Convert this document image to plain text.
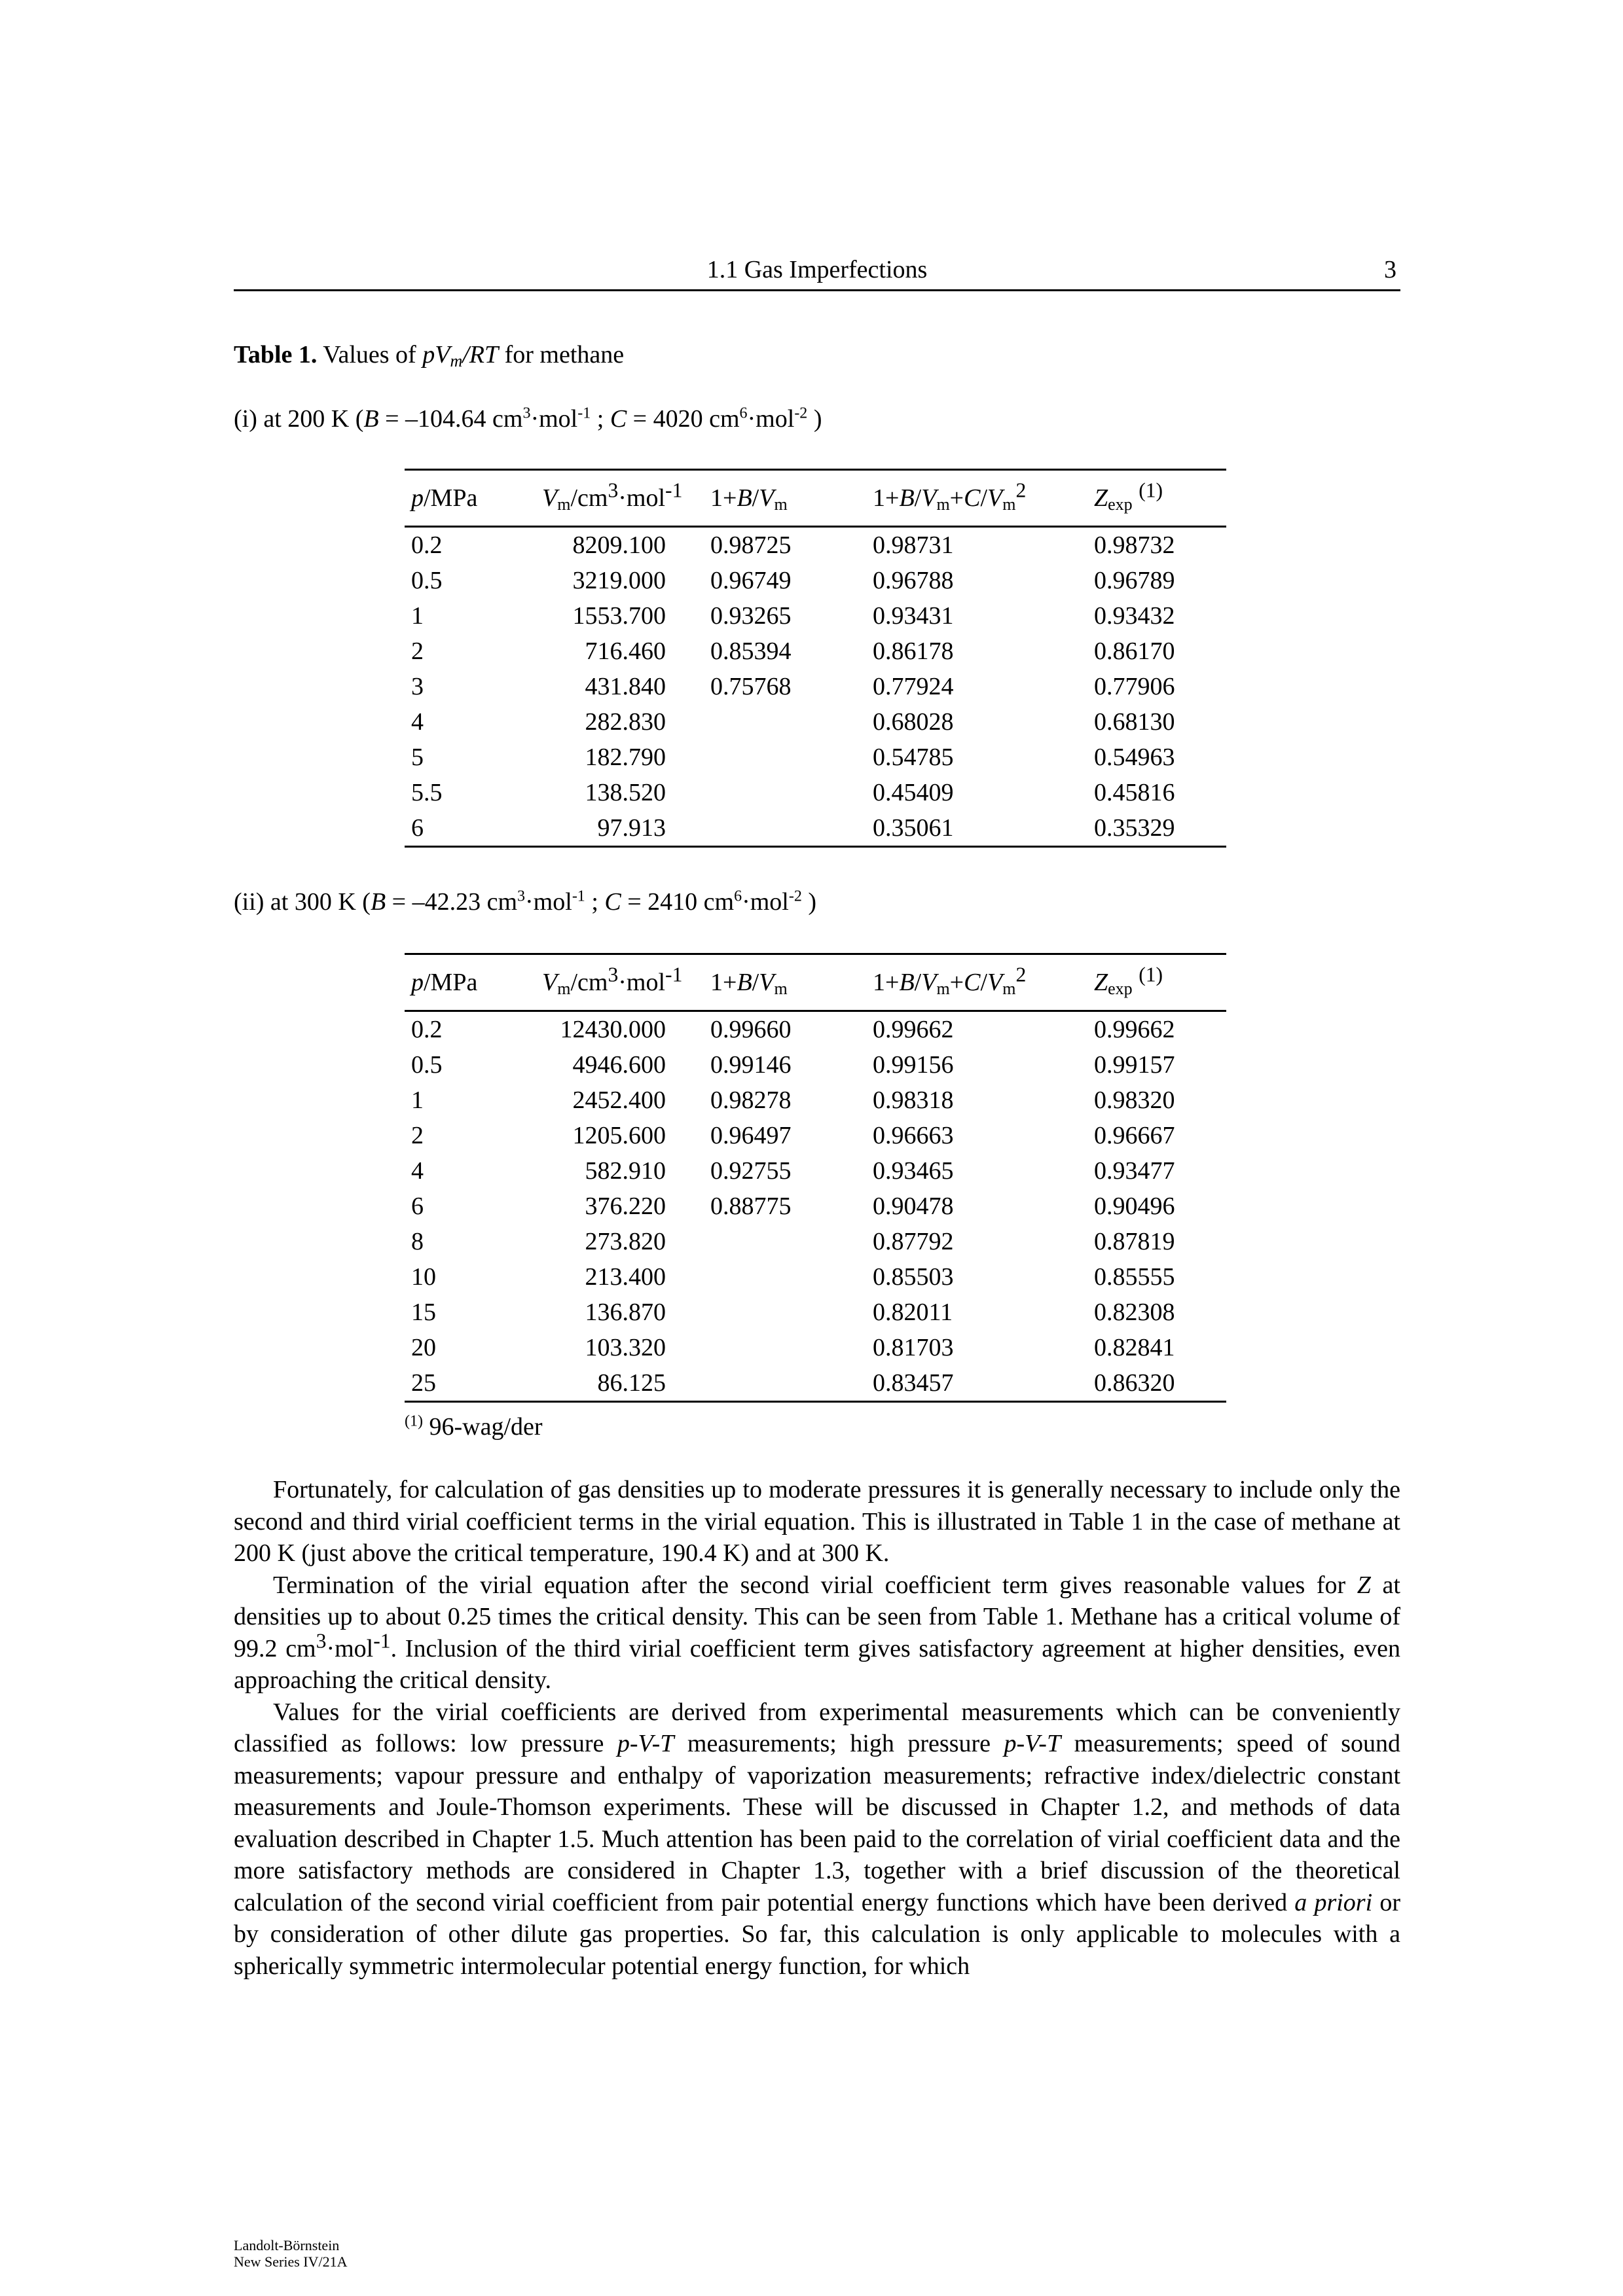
1.1 Gas Imperfections	3
Table 1. Values of $pV_m/RT$ for methane
(i) at 200 K (B = –104.64 $cm^3\cdot mol^{-1}$ ; C = 4020 $cm^6\cdot mol^{-2}$ )
p/MPa	$V_m/cm^3\cdot mol^{-1}$	$1+B/V_m$	$1+B/V_m+C/V_m^2$	$Z_{exp}$ $^{(1)}$
0.2	8209.100	0.98725	0.98731	0.98732
0.5	3219.000	0.96749	0.96788	0.96789
1	1553.700	0.93265	0.93431	0.93432
2	716.460	0.85394	0.86178	0.86170
3	431.840	0.75768	0.77924	0.77906
4	282.830		0.68028	0.68130
5	182.790		0.54785	0.54963
5.5	138.520		0.45409	0.45816
6	97.913		0.35061	0.35329
(ii) at 300 K (B = –42.23 $cm^3\cdot mol^{-1}$ ; C = 2410 $cm^6\cdot mol^{-2}$ )
p/MPa	$V_m/cm^3\cdot mol^{-1}$	$1+B/V_m$	$1+B/V_m+C/V_m^2$	$Z_{exp}$ $^{(1)}$
0.2	12430.000	0.99660	0.99662	0.99662
0.5	4946.600	0.99146	0.99156	0.99157
1	2452.400	0.98278	0.98318	0.98320
2	1205.600	0.96497	0.96663	0.96667
4	582.910	0.92755	0.93465	0.93477
6	376.220	0.88775	0.90478	0.90496
8	273.820		0.87792	0.87819
10	213.400		0.85503	0.85555
15	136.870		0.82011	0.82308
20	103.320		0.81703	0.82841
25	86.125		0.83457	0.86320
$^{(1)}$ 96-wag/der

Fortunately, for calculation of gas densities up to moderate pressures it is generally necessary to include only the second and third virial coefficient terms in the virial equation. This is illustrated in Table 1 in the case of methane at 200 K (just above the critical temperature, 190.4 K) and at 300 K.

Termination of the virial equation after the second virial coefficient term gives reasonable values for Z at densities up to about 0.25 times the critical density. This can be seen from Table 1. Methane has a critical volume of 99.2 $cm^3\cdot mol^{-1}$. Inclusion of the third virial coefficient term gives satisfactory agreement at higher densities, even approaching the critical density.

Values for the virial coefficients are derived from experimental measurements which can be conveniently classified as follows: low pressure p-V-T measurements; high pressure p-V-T measurements; speed of sound measurements; vapour pressure and enthalpy of vaporization measurements; refractive index/dielectric constant measurements and Joule-Thomson experiments. These will be discussed in Chapter 1.2, and methods of data evaluation described in Chapter 1.5. Much attention has been paid to the correlation of virial coefficient data and the more satisfactory methods are considered in Chapter 1.3, together with a brief discussion of the theoretical calculation of the second virial coefficient from pair potential energy functions which have been derived a priori or by consideration of other dilute gas properties. So far, this calculation is only applicable to molecules with a spherically symmetric intermolecular potential energy function, for which

Landolt-Börnstein
New Series IV/21A
